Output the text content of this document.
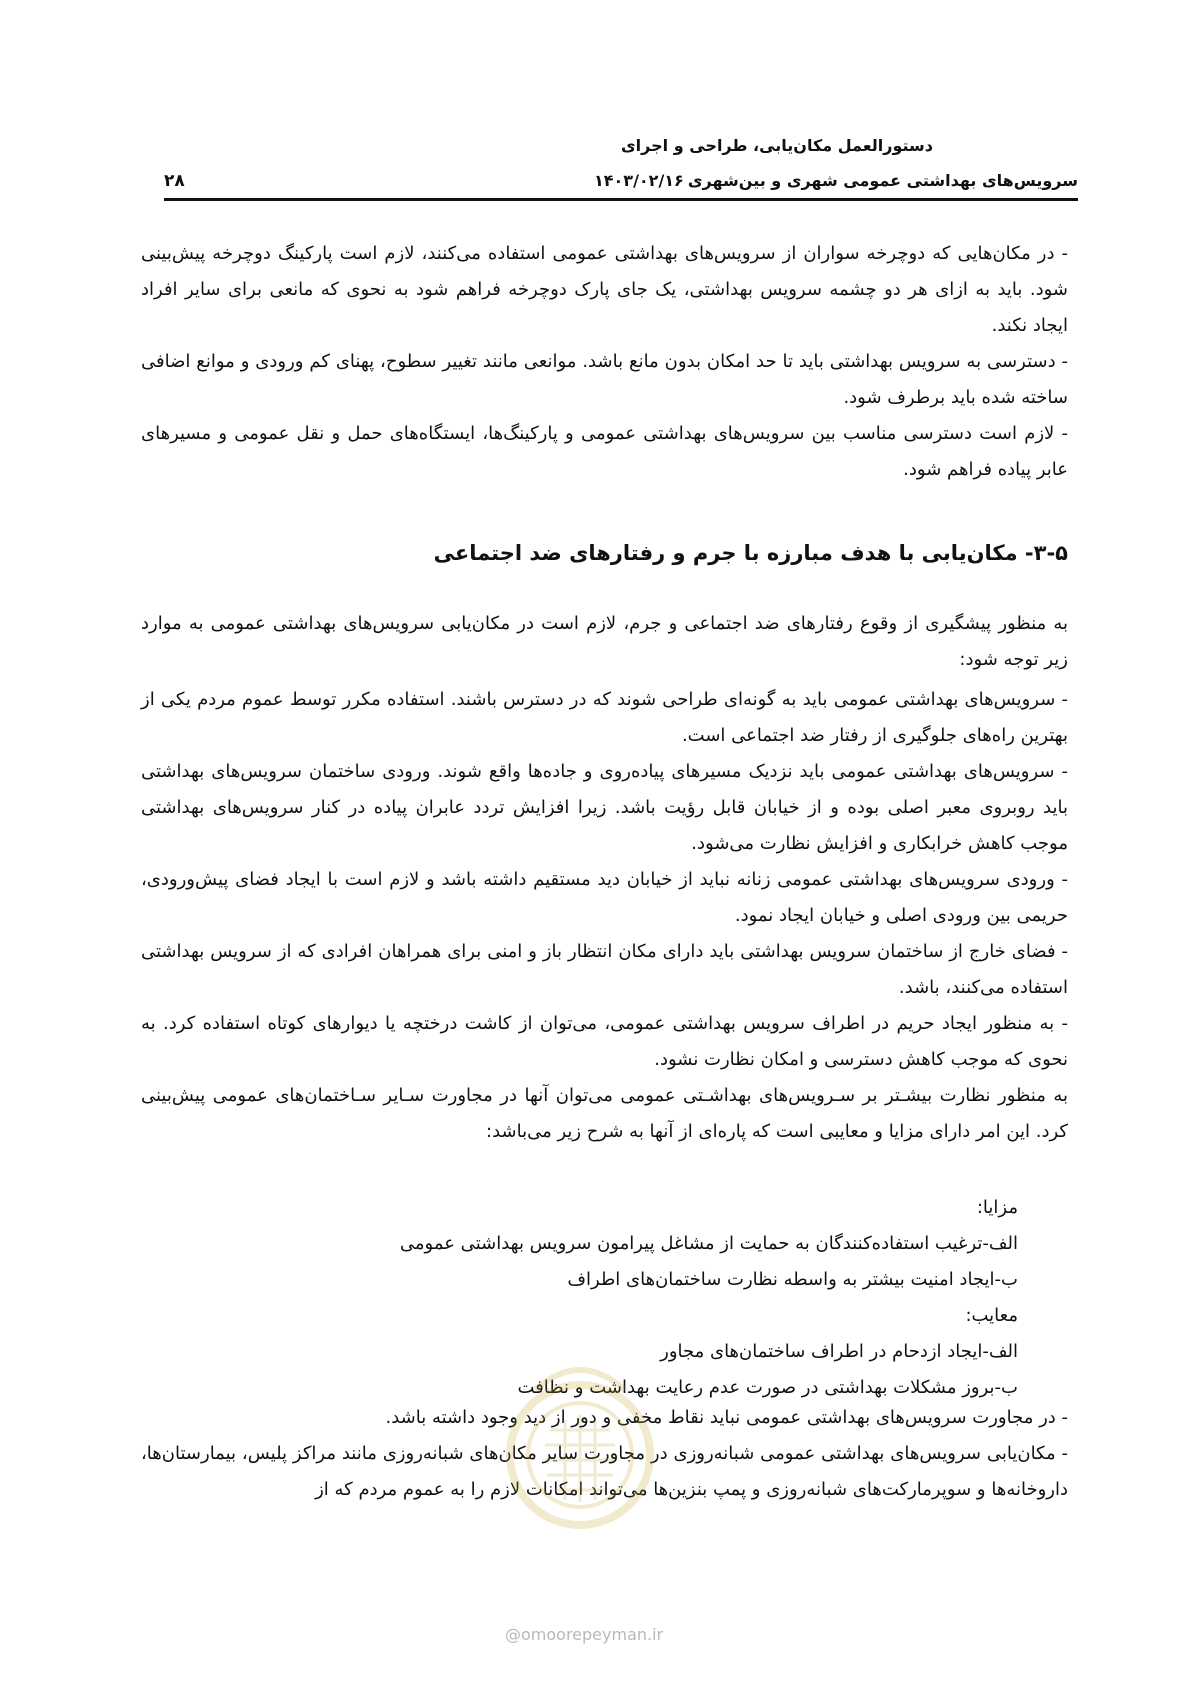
دستورالعمل مکان‌یابی، طراحی و اجرای
سرویس‌های بهداشتی عمومی شهری و بین‌شهری
۱۴۰۳/۰۲/۱۶
۲۸

- در مکان‌هایی که دوچرخه سواران از سرویس‌های بهداشتی عمومی استفاده می‌کنند، لازم است پارکینگ دوچرخه پیش‌بینی شود. باید به ازای هر دو چشمه سرویس بهداشتی، یک جای پارک دوچرخه فراهم شود به نحوی که مانعی برای سایر افراد ایجاد نکند.

- دسترسی به سرویس بهداشتی باید تا حد امکان بدون مانع باشد. موانعی مانند تغییر سطوح، پهنای کم ورودی و موانع اضافی ساخته شده باید برطرف شود.

- لازم است دسترسی مناسب بین سرویس‌های بهداشتی عمومی و پارکینگ‌ها، ایستگاه‌های حمل و نقل عمومی و مسیرهای عابر پیاده فراهم شود.

۳-۵- مکان‌یابی با هدف مبارزه با جرم و رفتارهای ضد اجتماعی

به منظور پیشگیری از وقوع رفتارهای ضد اجتماعی و جرم، لازم است در مکان‌یابی سرویس‌های بهداشتی عمومی به موارد زیر توجه شود:

- سرویس‌های بهداشتی عمومی باید به گونه‌ای طراحی شوند که در دسترس باشند. استفاده مکرر توسط عموم مردم یکی از بهترین راه‌های جلوگیری از رفتار ضد اجتماعی است.

- سرویس‌های بهداشتی عمومی باید نزدیک مسیرهای پیاده‌روی و جاده‌ها واقع شوند. ورودی ساختمان سرویس‌های بهداشتی باید روبروی معبر اصلی بوده و از خیابان قابل رؤیت باشد. زیرا افزایش تردد عابران پیاده در کنار سرویس‌های بهداشتی موجب کاهش خرابکاری و افزایش نظارت می‌شود.

- ورودی سرویس‌های بهداشتی عمومی زنانه نباید از خیابان دید مستقیم داشته باشد و لازم است با ایجاد فضای پیش‌ورودی، حریمی بین ورودی اصلی و خیابان ایجاد نمود.

- فضای خارج از ساختمان سرویس بهداشتی باید دارای مکان انتظار باز و امنی برای همراهان افرادی که از سرویس بهداشتی استفاده می‌کنند، باشد.

- به منظور ایجاد حریم در اطراف سرویس بهداشتی عمومی، می‌توان از کاشت درختچه یا دیوارهای کوتاه استفاده کرد. به نحوی که موجب کاهش دسترسی و امکان نظارت نشود.

به منظور نظارت بیشـتر بر سـرویس‌های بهداشـتی عمومی می‌توان آنها در مجاورت سـایر سـاختمان‌های عمومی پیش‌بینی کرد. این امر دارای مزایا و معایبی است که پاره‌ای از آنها به شرح زیر می‌باشد:

مزایا:

الف-ترغیب استفاده‌کنندگان به حمایت از مشاغل پیرامون سرویس بهداشتی عمومی

ب-ایجاد امنیت بیشتر به واسطه نظارت ساختمان‌های اطراف

معایب:

الف-ایجاد ازدحام در اطراف ساختمان‌های مجاور

ب-بروز مشکلات بهداشتی در صورت عدم رعایت بهداشت و نظافت

- در مجاورت سرویس‌های بهداشتی عمومی نباید نقاط مخفی و دور از دید وجود داشته باشد.

- مکان‌یابی سرویس‌های بهداشتی عمومی شبانه‌روزی در مجاورت سایر مکان‌های شبانه‌روزی مانند مراکز پلیس، بیمارستان‌ها، داروخانه‌ها و سوپرمارکت‌های شبانه‌روزی و پمپ بنزین‌ها می‌تواند امکانات لازم را به عموم مردم که از

@omoorepeyman.ir
